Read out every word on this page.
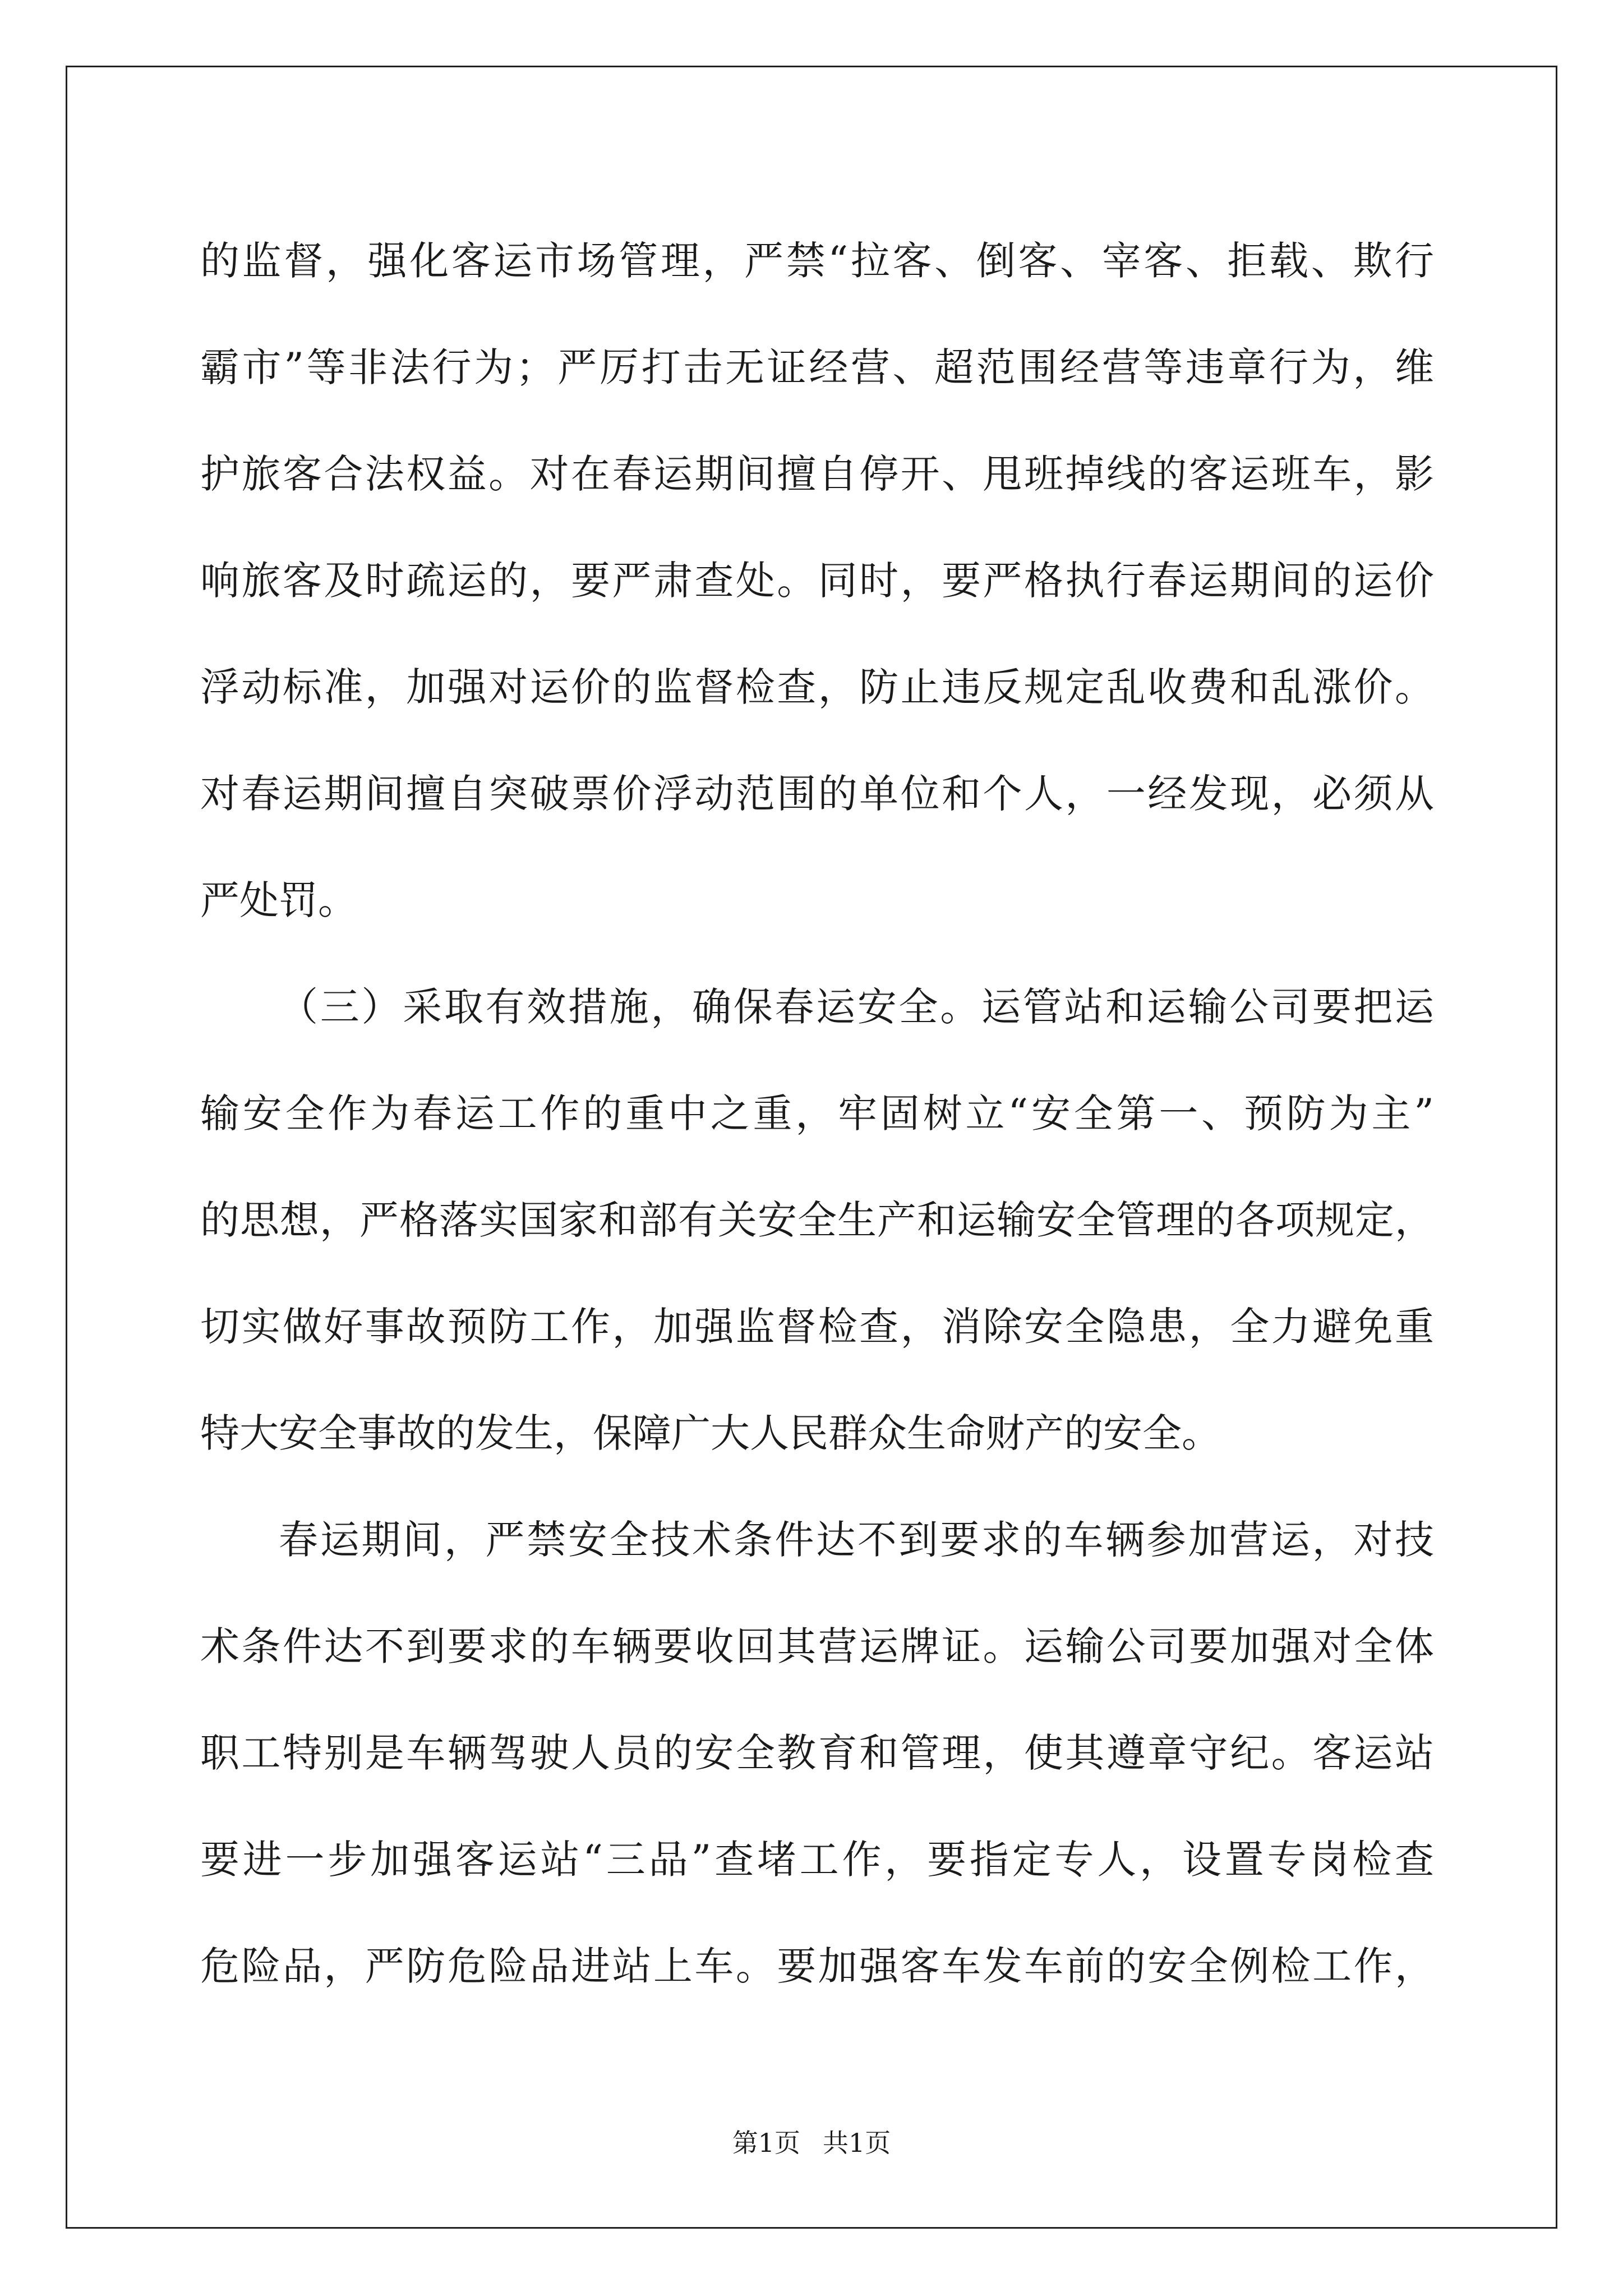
的监督，强化客运市场管理，严禁“拉客、倒客、宰客、拒载、欺行
霸市”等非法行为；严厉打击无证经营、超范围经营等违章行为，维
护旅客合法权益。对在春运期间擅自停开、甩班掉线的客运班车，影
响旅客及时疏运的，要严肃查处。同时，要严格执行春运期间的运价
浮动标准，加强对运价的监督检查，防止违反规定乱收费和乱涨价。
对春运期间擅自突破票价浮动范围的单位和个人，一经发现，必须从
严处罚。
（三）采取有效措施，确保春运安全。运管站和运输公司要把运
输安全作为春运工作的重中之重，牢固树立“安全第一、预防为主”
的思想，严格落实国家和部有关安全生产和运输安全管理的各项规定，
切实做好事故预防工作，加强监督检查，消除安全隐患，全力避免重
特大安全事故的发生，保障广大人民群众生命财产的安全。
春运期间，严禁安全技术条件达不到要求的车辆参加营运，对技
术条件达不到要求的车辆要收回其营运牌证。运输公司要加强对全体
职工特别是车辆驾驶人员的安全教育和管理，使其遵章守纪。客运站
要进一步加强客运站“三品”查堵工作，要指定专人，设置专岗检查
危险品，严防危险品进站上车。要加强客车发车前的安全例检工作，
第1页 共1页
